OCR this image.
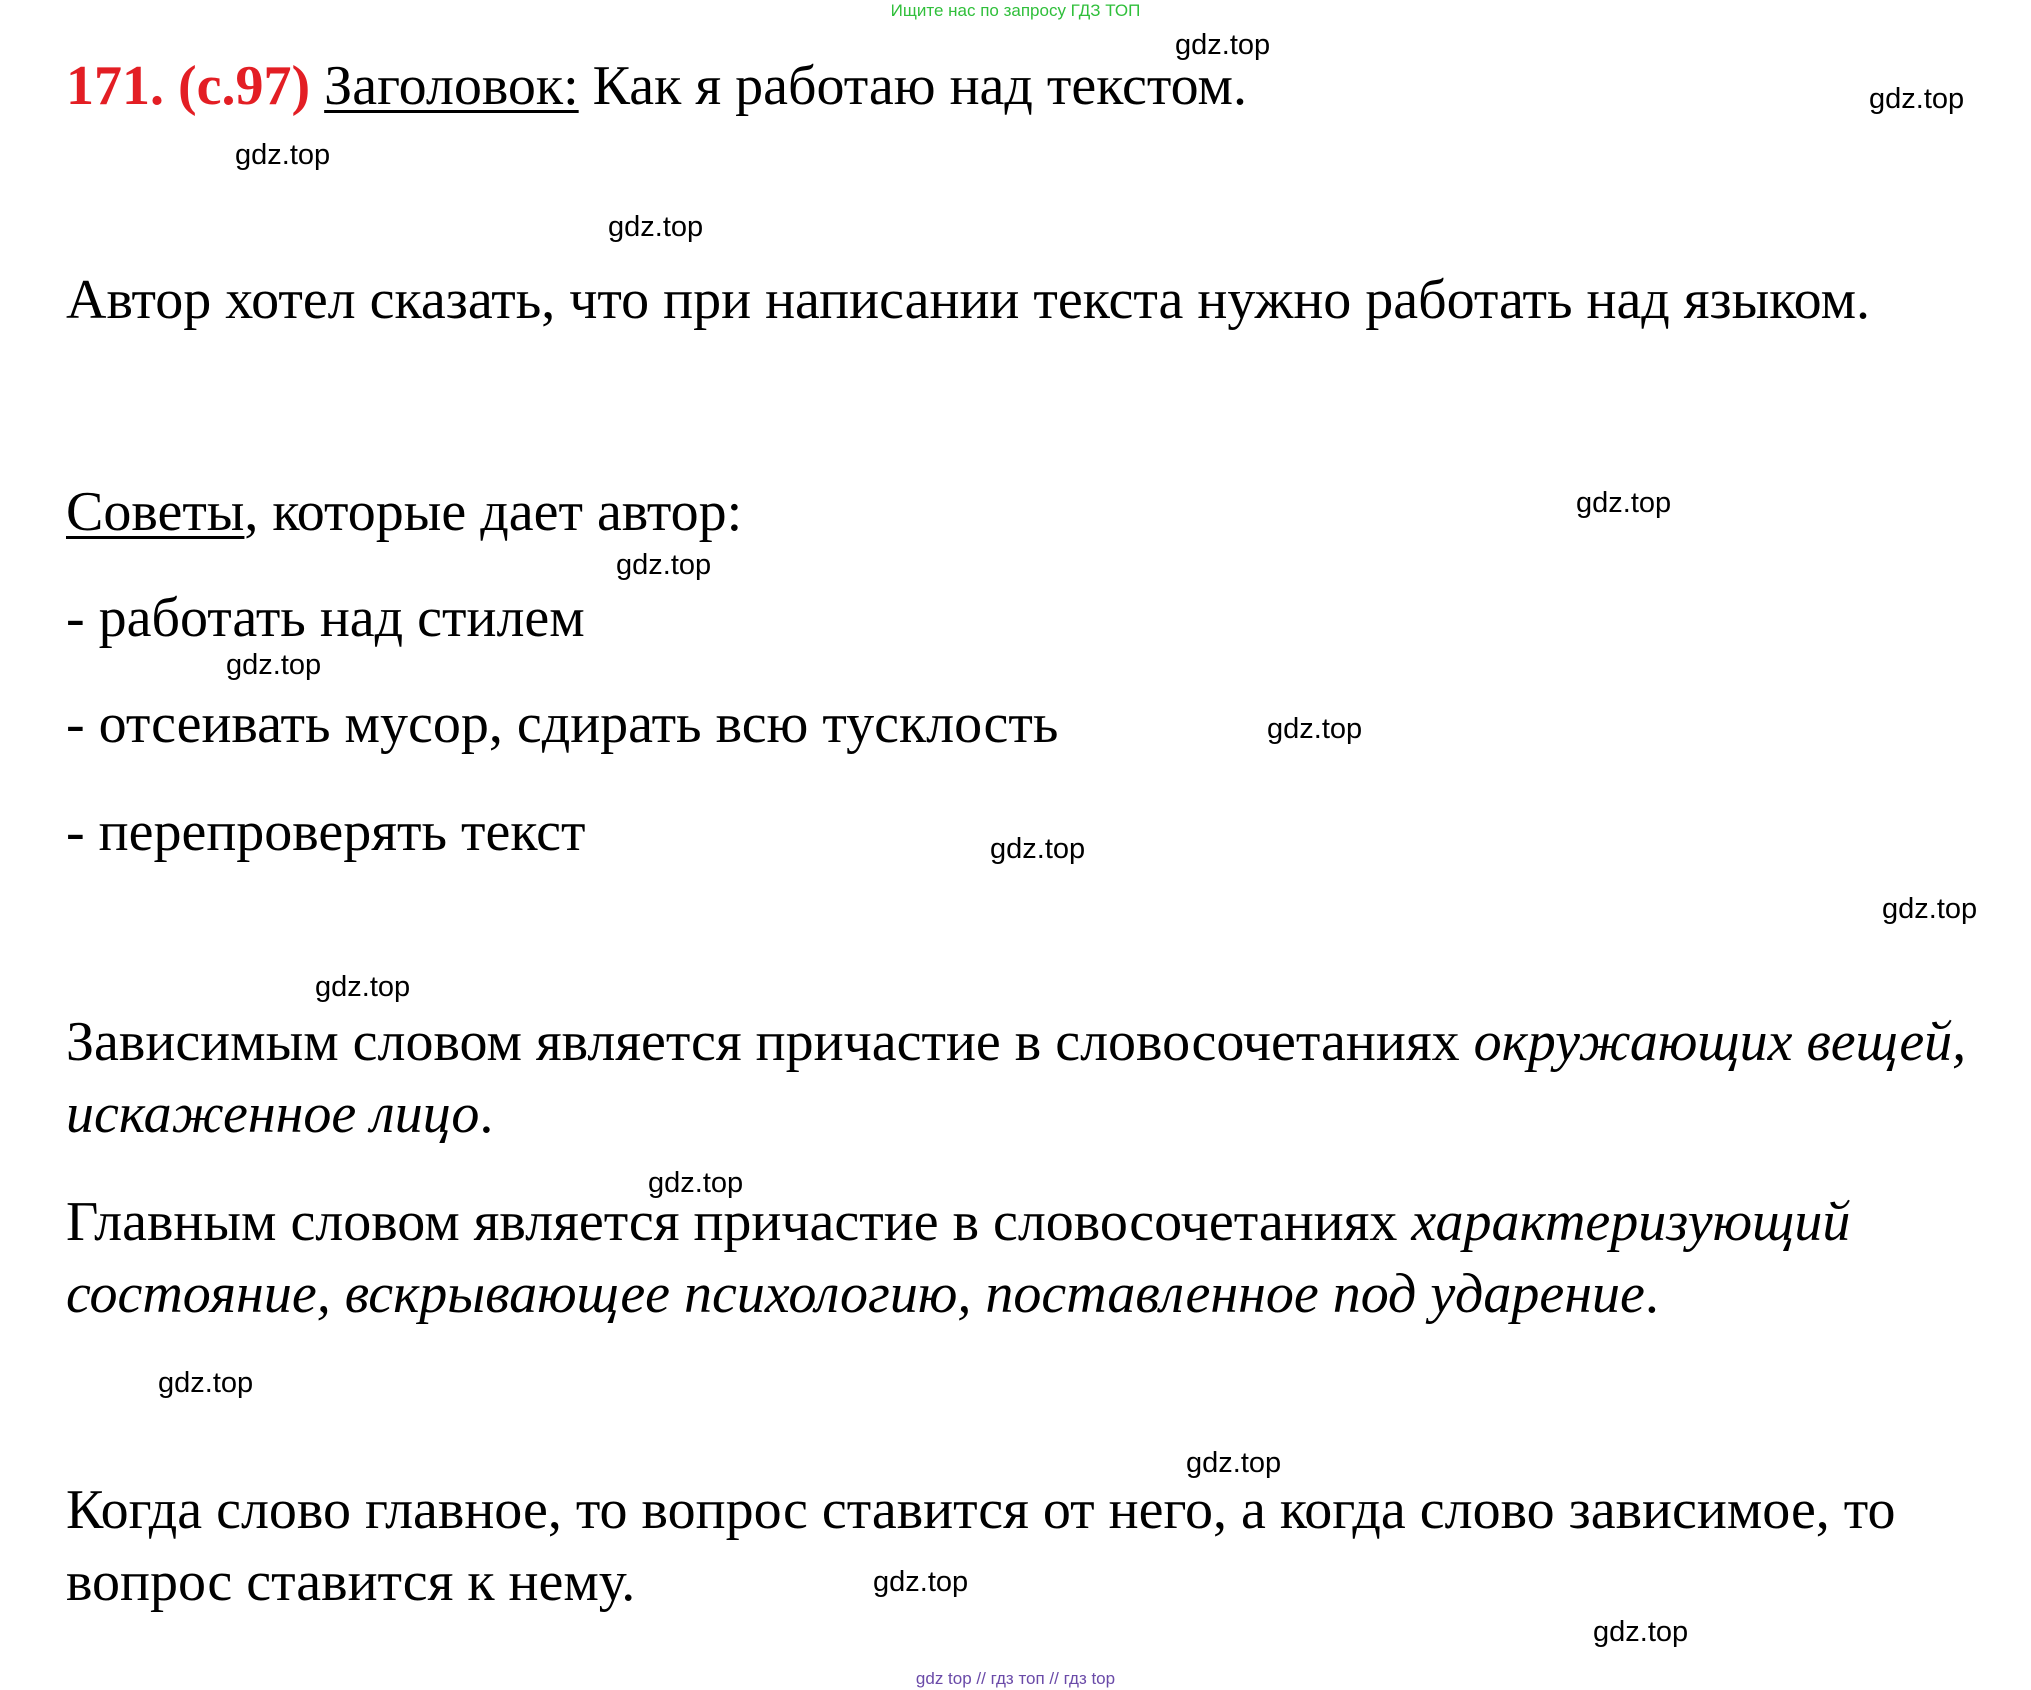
Ищите нас по запросу ГДЗ ТОП
171. (с.97) Заголовок: Как я работаю над текстом.
Автор хотел сказать, что при написании текста нужно работать над языком.
Советы, которые дает автор:
- работать над стилем
- отсеивать мусор, сдирать всю тусклость
- перепроверять текст
Зависимым словом является причастие в словосочетаниях окружающих вещей, искаженное лицо.
Главным словом является причастие в словосочетаниях характеризующий состояние, вскрывающее психологию, поставленное под ударение.
Когда слово главное, то вопрос ставится от него, а когда слово зависимое, то вопрос ставится к нему.
gdz.top
gdz.top
gdz.top
gdz.top
gdz.top
gdz.top
gdz.top
gdz.top
gdz.top
gdz.top
gdz.top
gdz.top
gdz.top
gdz.top
gdz.top
gdz.top
gdz top // гдз топ // гдз top
